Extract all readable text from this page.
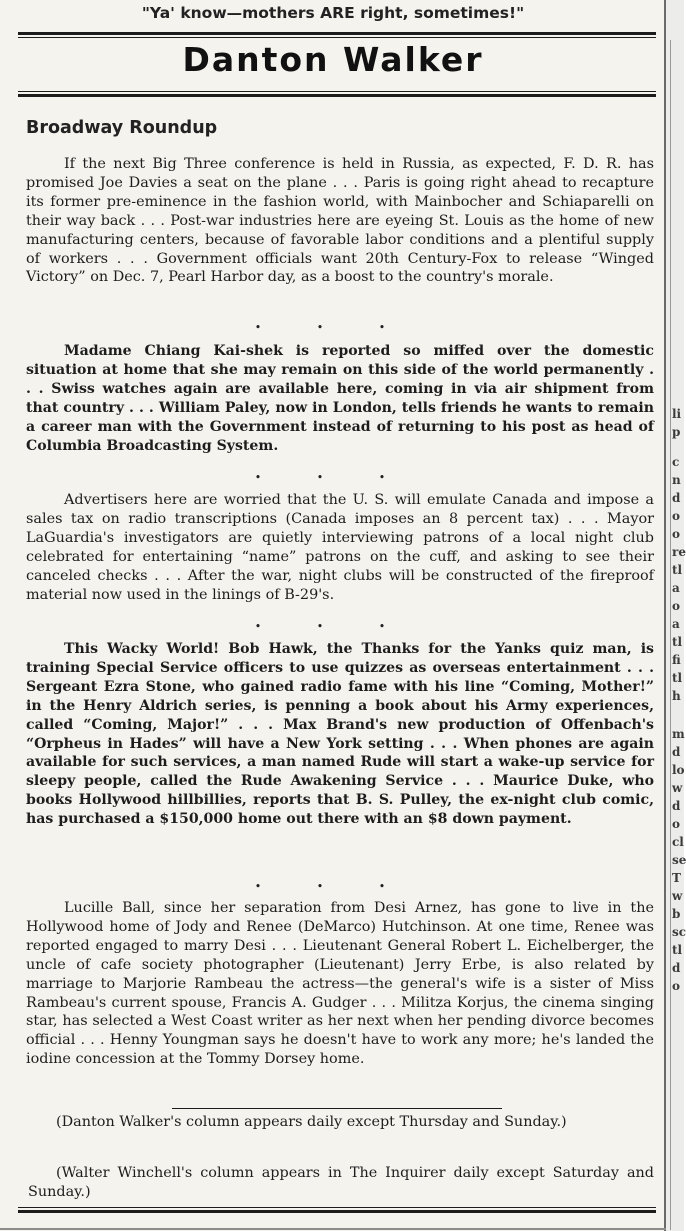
"Ya' know—mothers ARE right, sometimes!"
Danton Walker
Broadway Roundup
If the next Big Three conference is held in Russia, as expected, F. D. R. has promised Joe Davies a seat on the plane . . . Paris is going right ahead to recapture its former pre-eminence in the fashion world, with Mainbocher and Schiaparelli on their way back . . . Post-war industries here are eyeing St. Louis as the home of new manufacturing centers, because of favorable labor conditions and a plentiful supply of workers . . . Government officials want 20th Century-Fox to release “Winged Victory” on Dec. 7, Pearl Harbor day, as a boost to the country's morale.
• • •
Madame Chiang Kai-shek is reported so miffed over the domestic situation at home that she may remain on this side of the world permanently . . . Swiss watches again are available here, coming in via air shipment from that country . . . William Paley, now in London, tells friends he wants to remain a career man with the Government instead of returning to his post as head of Columbia Broadcasting System.
• • •
Advertisers here are worried that the U. S. will emulate Canada and impose a sales tax on radio transcriptions (Canada imposes an 8 percent tax) . . . Mayor LaGuardia's investigators are quietly interviewing patrons of a local night club celebrated for entertaining “name” patrons on the cuff, and asking to see their canceled checks . . . After the war, night clubs will be constructed of the fireproof material now used in the linings of B-29's.
• • •
This Wacky World! Bob Hawk, the Thanks for the Yanks quiz man, is training Special Service officers to use quizzes as overseas entertainment . . . Sergeant Ezra Stone, who gained radio fame with his line “Coming, Mother!” in the Henry Aldrich series, is penning a book about his Army experiences, called “Coming, Major!” . . . Max Brand's new production of Offenbach's “Orpheus in Hades” will have a New York setting . . . When phones are again available for such services, a man named Rude will start a wake-up service for sleepy people, called the Rude Awakening Service . . . Maurice Duke, who books Hollywood hillbillies, reports that B. S. Pulley, the ex-night club comic, has purchased a $150,000 home out there with an $8 down payment.
• • •
Lucille Ball, since her separation from Desi Arnez, has gone to live in the Hollywood home of Jody and Renee (DeMarco) Hutchinson. At one time, Renee was reported engaged to marry Desi . . . Lieutenant General Robert L. Eichelberger, the uncle of cafe society photographer (Lieutenant) Jerry Erbe, is also related by marriage to Marjorie Rambeau the actress—the general's wife is a sister of Miss Rambeau's current spouse, Francis A. Gudger . . . Militza Korjus, the cinema singing star, has selected a West Coast writer as her next when her pending divorce becomes official . . . Henny Youngman says he doesn't have to work any more; he's landed the iodine concession at the Tommy Dorsey home.
(Danton Walker's column appears daily except Thursday and Sunday.)
(Walter Winchell's column appears in The Inquirer daily except Saturday and Sunday.)
li
p
c
n
d
o
o
re
tl
a
o
a
tl
fi
tl
h
m
d
lo
w
d
o
cl
se
T
w
b
sc
tl
d
o
